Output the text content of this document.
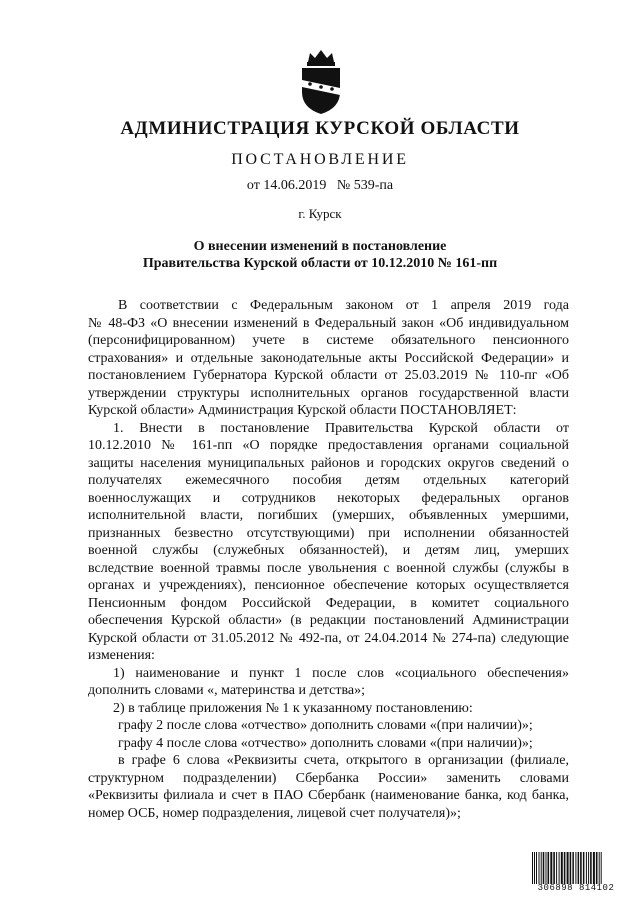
АДМИНИСТРАЦИЯ КУРСКОЙ ОБЛАСТИ
ПОСТАНОВЛЕНИЕ
от 14.06.2019   № 539-па
г. Курск
О внесении изменений в постановление
Правительства Курской области от 10.12.2010 № 161-пп
В соответствии с Федеральным законом от 1 апреля 2019 года
№ 48-ФЗ «О внесении изменений в Федеральный закон «Об индивидуальном
(персонифицированном) учете в системе обязательного пенсионного
страхования» и отдельные законодательные акты Российской Федерации» и
постановлением Губернатора Курской области от 25.03.2019 № 110-пг «Об
утверждении структуры исполнительных органов государственной власти
Курской области» Администрация Курской области ПОСТАНОВЛЯЕТ:
1. Внести в постановление Правительства Курской области от
10.12.2010 № 161-пп «О порядке предоставления органами социальной
защиты населения муниципальных районов и городских округов сведений о
получателях ежемесячного пособия детям отдельных категорий
военнослужащих и сотрудников некоторых федеральных органов
исполнительной власти, погибших (умерших, объявленных умершими,
признанных безвестно отсутствующими) при исполнении обязанностей
военной службы (служебных обязанностей), и детям лиц, умерших
вследствие военной травмы после увольнения с военной службы (службы в
органах и учреждениях), пенсионное обеспечение которых осуществляется
Пенсионным фондом Российской Федерации, в комитет социального
обеспечения Курской области» (в редакции постановлений Администрации
Курской области от 31.05.2012 № 492-па, от 24.04.2014 № 274-па) следующие
изменения:
1) наименование и пункт 1 после слов «социального обеспечения»
дополнить словами «, материнства и детства»;
2) в таблице приложения № 1 к указанному постановлению:
графу 2 после слова «отчество» дополнить словами «(при наличии)»;
графу 4 после слова «отчество» дополнить словами «(при наличии)»;
в графе 6 слова «Реквизиты счета, открытого в организации (филиале,
структурном подразделении) Сбербанка России» заменить словами
«Реквизиты филиала и счет в ПАО Сбербанк (наименование банка, код банка,
номер ОСБ, номер подразделения, лицевой счет получателя)»;
306898 814102
